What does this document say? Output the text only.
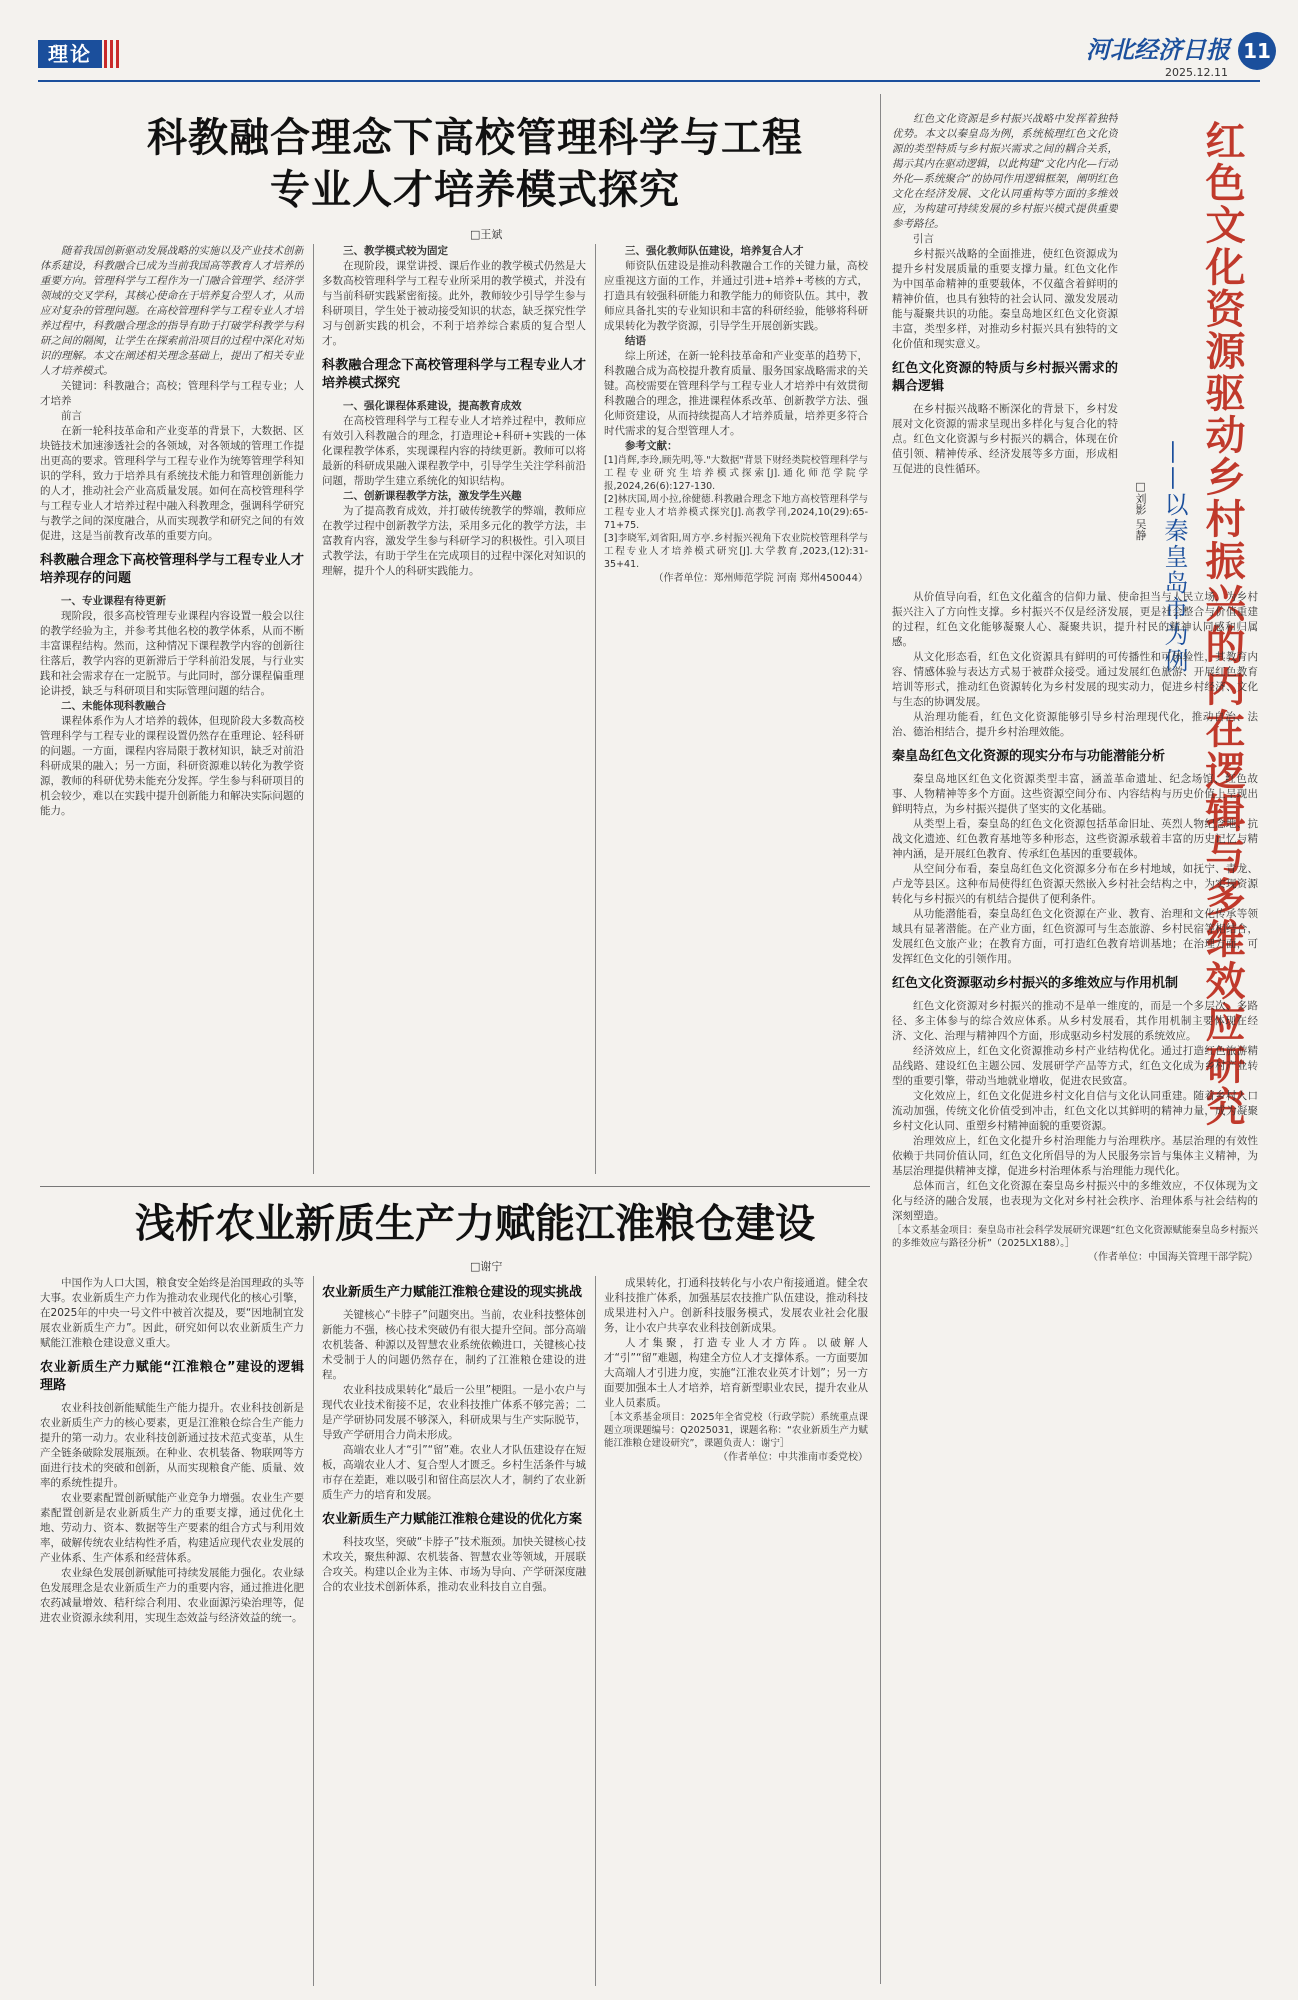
理论	河北经济日报
2025.12.11
11
科教融合理念下高校管理科学与工程
专业人才培养模式探究
□王斌

随着我国创新驱动发展战略的实施以及产业技术创新体系建设，科教融合已成为当前我国高等教育人才培养的重要方向。管理科学与工程作为一门融合管理学、经济学领域的交叉学科，其核心使命在于培养复合型人才，从而应对复杂的管理问题。在高校管理科学与工程专业人才培养过程中，科教融合理念的指导有助于打破学科教学与科研之间的隔阂，让学生在探索前沿项目的过程中深化对知识的理解。本文在阐述相关理念基础上，提出了相关专业人才培养模式。

关键词：科教融合；高校；管理科学与工程专业；人才培养

前言

在新一轮科技革命和产业变革的背景下，大数据、区块链技术加速渗透社会的各领域，对各领域的管理工作提出更高的要求。管理科学与工程专业作为统筹管理学科知识的学科，致力于培养具有系统技术能力和管理创新能力的人才，推动社会产业高质量发展。如何在高校管理科学与工程专业人才培养过程中融入科教理念，强调科学研究与教学之间的深度融合，从而实现教学和研究之间的有效促进，这是当前教育改革的重要方向。

科教融合理念下高校管理科学与工程专业人才培养现存的问题

一、专业课程有待更新

现阶段，很多高校管理专业课程内容设置一般会以往的教学经验为主，并参考其他名校的教学体系，从而不断丰富课程结构。然而，这种情况下课程教学内容的创新往往落后，教学内容的更新滞后于学科前沿发展，与行业实践和社会需求存在一定脱节。与此同时，部分课程偏重理论讲授，缺乏与科研项目和实际管理问题的结合。

二、未能体现科教融合

课程体系作为人才培养的载体，但现阶段大多数高校管理科学与工程专业的课程设置仍然存在重理论、轻科研的问题。一方面，课程内容局限于教材知识，缺乏对前沿科研成果的融入；另一方面，科研资源难以转化为教学资源，教师的科研优势未能充分发挥。学生参与科研项目的机会较少，难以在实践中提升创新能力和解决实际问题的能力。

三、教学模式较为固定

在现阶段，课堂讲授、课后作业的教学模式仍然是大多数高校管理科学与工程专业所采用的教学模式，并没有与当前科研实践紧密衔接。此外，教师较少引导学生参与科研项目，学生处于被动接受知识的状态，缺乏探究性学习与创新实践的机会，不利于培养综合素质的复合型人才。

科教融合理念下高校管理科学与工程专业人才培养模式探究

一、强化课程体系建设，提高教育成效

在高校管理科学与工程专业人才培养过程中，教师应有效引入科教融合的理念，打造理论+科研+实践的一体化课程教学体系，实现课程内容的持续更新。教师可以将最新的科研成果融入课程教学中，引导学生关注学科前沿问题，帮助学生建立系统化的知识结构。

二、创新课程教学方法，激发学生兴趣

为了提高教育成效，并打破传统教学的弊端，教师应在教学过程中创新教学方法，采用多元化的教学方法，丰富教育内容，激发学生参与科研学习的积极性。引入项目式教学法，有助于学生在完成项目的过程中深化对知识的理解，提升个人的科研实践能力。

三、强化教师队伍建设，培养复合人才

师资队伍建设是推动科教融合工作的关键力量，高校应重视这方面的工作，并通过引进+培养+考核的方式，打造具有较强科研能力和教学能力的师资队伍。其中，教师应具备扎实的专业知识和丰富的科研经验，能够将科研成果转化为教学资源，引导学生开展创新实践。

结语

综上所述，在新一轮科技革命和产业变革的趋势下，科教融合成为高校提升教育质量、服务国家战略需求的关键。高校需要在管理科学与工程专业人才培养中有效贯彻科教融合的理念，推进课程体系改革、创新教学方法、强化师资建设，从而持续提高人才培养质量，培养更多符合时代需求的复合型管理人才。

参考文献：

[1]肖辉,李玲,顾先明,等."大数据"背景下财经类院校管理科学与工程专业研究生培养模式探索[J].通化师范学院学报,2024,26(6):127-130.

[2]林庆国,周小拉,徐健德.科教融合理念下地方高校管理科学与工程专业人才培养模式探究[J].高教学刊,2024,10(29):65-71+75.

[3]李晓军,刘省阳,周方亭.乡村振兴视角下农业院校管理科学与工程专业人才培养模式研究[J].大学教育,2023,(12):31-35+41.

（作者单位：郑州师范学院 河南 郑州450044）

浅析农业新质生产力赋能江淮粮仓建设
□谢宁

中国作为人口大国，粮食安全始终是治国理政的头等大事。农业新质生产力作为推动农业现代化的核心引擎，在2025年的中央一号文件中被首次提及，要“因地制宜发展农业新质生产力”。因此，研究如何以农业新质生产力赋能江淮粮仓建设意义重大。

农业新质生产力赋能“江淮粮仓”建设的逻辑理路

农业科技创新能赋能生产能力提升。农业科技创新是农业新质生产力的核心要素，更是江淮粮仓综合生产能力提升的第一动力。农业科技创新通过技术范式变革，从生产全链条破除发展瓶颈。在种业、农机装备、物联网等方面进行技术的突破和创新，从而实现粮食产能、质量、效率的系统性提升。

农业要素配置创新赋能产业竞争力增强。农业生产要素配置创新是农业新质生产力的重要支撑，通过优化土地、劳动力、资本、数据等生产要素的组合方式与利用效率，破解传统农业结构性矛盾，构建适应现代农业发展的产业体系、生产体系和经营体系。

农业绿色发展创新赋能可持续发展能力强化。农业绿色发展理念是农业新质生产力的重要内容，通过推进化肥农药减量增效、秸秆综合利用、农业面源污染治理等，促进农业资源永续利用，实现生态效益与经济效益的统一。

农业新质生产力赋能江淮粮仓建设的现实挑战

关键核心“卡脖子”问题突出。当前，农业科技整体创新能力不强，核心技术突破仍有很大提升空间。部分高端农机装备、种源以及智慧农业系统依赖进口，关键核心技术受制于人的问题仍然存在，制约了江淮粮仓建设的进程。

农业科技成果转化“最后一公里”梗阻。一是小农户与现代农业技术衔接不足，农业科技推广体系不够完善；二是产学研协同发展不够深入，科研成果与生产实际脱节，导致产学研用合力尚未形成。

高端农业人才“引”“留”难。农业人才队伍建设存在短板，高端农业人才、复合型人才匮乏。乡村生活条件与城市存在差距，难以吸引和留住高层次人才，制约了农业新质生产力的培育和发展。

农业新质生产力赋能江淮粮仓建设的优化方案

科技攻坚，突破“卡脖子”技术瓶颈。加快关键核心技术攻关，聚焦种源、农机装备、智慧农业等领域，开展联合攻关。构建以企业为主体、市场为导向、产学研深度融合的农业技术创新体系，推动农业科技自立自强。

成果转化，打通科技转化与小农户衔接通道。健全农业科技推广体系，加强基层农技推广队伍建设，推动科技成果进村入户。创新科技服务模式，发展农业社会化服务，让小农户共享农业科技创新成果。

人才集聚，打造专业人才方阵。以破解人才“引”“留”难题，构建全方位人才支撑体系。一方面要加大高端人才引进力度，实施“江淮农业英才计划”；另一方面要加强本土人才培养，培育新型职业农民，提升农业从业人员素质。

［本文系基金项目：2025年全省党校（行政学院）系统重点课题立项课题编号：Q2025031，课题名称：“农业新质生产力赋能江淮粮仓建设研究”，课题负责人：谢宁］

（作者单位：中共淮南市委党校）

红色文化资源驱动乡村振兴的内在逻辑与多维效应研究
——以秦皇岛市为例
□刘影 吴静

红色文化资源是乡村振兴战略中发挥着独特优势。本文以秦皇岛为例，系统梳理红色文化资源的类型特质与乡村振兴需求之间的耦合关系，揭示其内在驱动逻辑，以此构建“文化内化—行动外化—系统聚合”的协同作用逻辑框架，阐明红色文化在经济发展、文化认同重构等方面的多维效应，为构建可持续发展的乡村振兴模式提供重要参考路径。

引言

乡村振兴战略的全面推进，使红色资源成为提升乡村发展质量的重要支撑力量。红色文化作为中国革命精神的重要载体，不仅蕴含着鲜明的精神价值，也具有独特的社会认同、激发发展动能与凝聚共识的功能。秦皇岛地区红色文化资源丰富，类型多样，对推动乡村振兴具有独特的文化价值和现实意义。

红色文化资源的特质与乡村振兴需求的耦合逻辑

在乡村振兴战略不断深化的背景下，乡村发展对文化资源的需求呈现出多样化与复合化的特点。红色文化资源与乡村振兴的耦合，体现在价值引领、精神传承、经济发展等多方面，形成相互促进的良性循环。

从价值导向看，红色文化蕴含的信仰力量、使命担当与人民立场，为乡村振兴注入了方向性支撑。乡村振兴不仅是经济发展，更是社会整合与价值重建的过程，红色文化能够凝聚人心、凝聚共识，提升村民的精神认同感和归属感。

从文化形态看，红色文化资源具有鲜明的可传播性和可体验性，其教育内容、情感体验与表达方式易于被群众接受。通过发展红色旅游、开展红色教育培训等形式，推动红色资源转化为乡村发展的现实动力，促进乡村经济、文化与生态的协调发展。

从治理功能看，红色文化资源能够引导乡村治理现代化，推动自治、法治、德治相结合，提升乡村治理效能。

秦皇岛红色文化资源的现实分布与功能潜能分析

秦皇岛地区红色文化资源类型丰富，涵盖革命遗址、纪念场馆、红色故事、人物精神等多个方面。这些资源空间分布、内容结构与历史价值上呈现出鲜明特点，为乡村振兴提供了坚实的文化基础。

从类型上看，秦皇岛的红色文化资源包括革命旧址、英烈人物纪念地、抗战文化遗迹、红色教育基地等多种形态，这些资源承载着丰富的历史记忆与精神内涵，是开展红色教育、传承红色基因的重要载体。

从空间分布看，秦皇岛红色文化资源多分布在乡村地域，如抚宁、青龙、卢龙等县区。这种布局使得红色资源天然嵌入乡村社会结构之中，为实现资源转化与乡村振兴的有机结合提供了便利条件。

从功能潜能看，秦皇岛红色文化资源在产业、教育、治理和文化传承等领域具有显著潜能。在产业方面，红色资源可与生态旅游、乡村民宿等相结合，发展红色文旅产业；在教育方面，可打造红色教育培训基地；在治理方面，可发挥红色文化的引领作用。

红色文化资源驱动乡村振兴的多维效应与作用机制

红色文化资源对乡村振兴的推动不是单一维度的，而是一个多层次、多路径、多主体参与的综合效应体系。从乡村发展看，其作用机制主要体现在经济、文化、治理与精神四个方面，形成驱动乡村发展的系统效应。

经济效应上，红色文化资源推动乡村产业结构优化。通过打造红色旅游精品线路、建设红色主题公园、发展研学产品等方式，红色文化成为乡村产业转型的重要引擎，带动当地就业增收，促进农民致富。

文化效应上，红色文化促进乡村文化自信与文化认同重建。随着乡村人口流动加强，传统文化价值受到冲击，红色文化以其鲜明的精神力量，成为凝聚乡村文化认同、重塑乡村精神面貌的重要资源。

治理效应上，红色文化提升乡村治理能力与治理秩序。基层治理的有效性依赖于共同价值认同，红色文化所倡导的为人民服务宗旨与集体主义精神，为基层治理提供精神支撑，促进乡村治理体系与治理能力现代化。

总体而言，红色文化资源在秦皇岛乡村振兴中的多维效应，不仅体现为文化与经济的融合发展，也表现为文化对乡村社会秩序、治理体系与社会结构的深刻塑造。

［本文系基金项目：秦皇岛市社会科学发展研究课题“红色文化资源赋能秦皇岛乡村振兴的多维效应与路径分析”（2025LX188）。］

（作者单位：中国海关管理干部学院）
